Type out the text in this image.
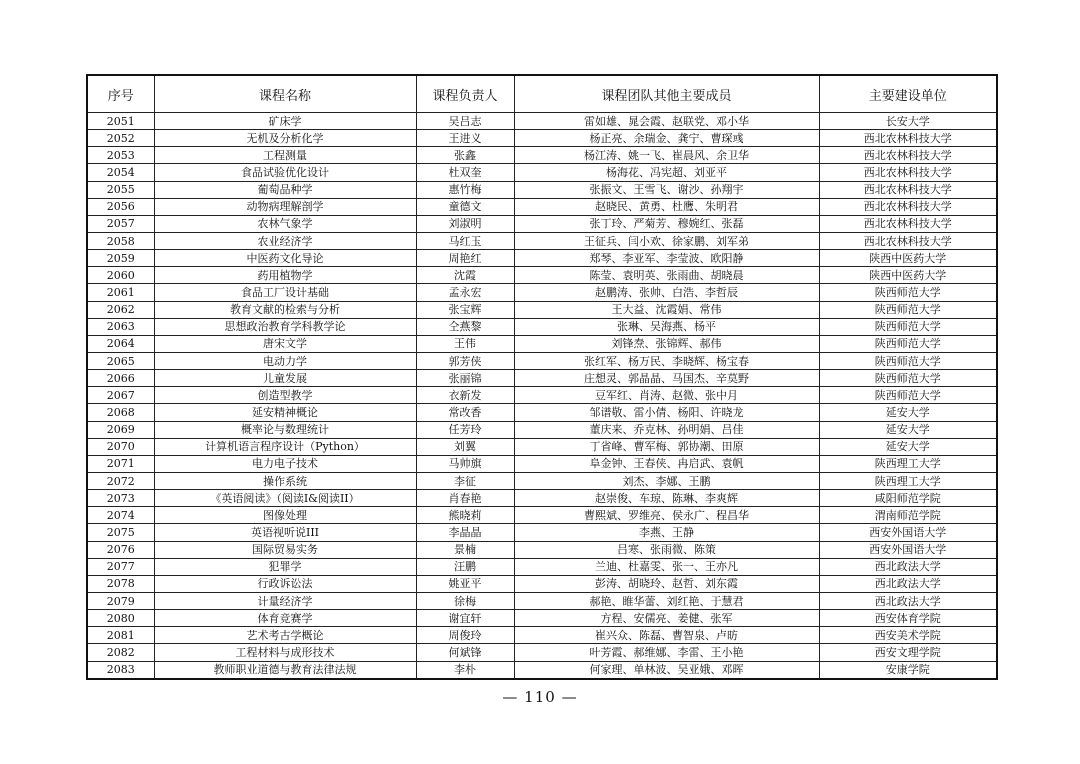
序号	课程名称	课程负责人	课程团队其他主要成员	主要建设单位
2051	矿床学	吴吕志	雷如雄、晁会霞、赵联党、邓小华	长安大学
2052	无机及分析化学	王进义	杨正亮、余瑞金、龚宁、曹琛彧	西北农林科技大学
2053	工程测量	张鑫	杨江涛、姚一飞、崔晨风、余卫华	西北农林科技大学
2054	食品试验优化设计	杜双奎	杨海花、冯宪超、刘亚平	西北农林科技大学
2055	葡萄品种学	惠竹梅	张振文、王雪飞、谢沙、孙翔宇	西北农林科技大学
2056	动物病理解剖学	童德文	赵晓民、黄勇、杜鹰、朱明君	西北农林科技大学
2057	农林气象学	刘淑明	张丁玲、严菊芳、穆婉红、张磊	西北农林科技大学
2058	农业经济学	马红玉	王征兵、闫小欢、徐家鹏、刘军弟	西北农林科技大学
2059	中医药文化导论	周艳红	郑琴、李亚军、李莹波、欧阳静	陕西中医药大学
2060	药用植物学	沈霞	陈莹、袁明英、张雨曲、胡晓晨	陕西中医药大学
2061	食品工厂设计基础	孟永宏	赵鹏涛、张帅、白浩、李哲辰	陕西师范大学
2062	教育文献的检索与分析	张宝辉	王大益、沈霞娟、常伟	陕西师范大学
2063	思想政治教育学科教学论	仝燕黎	张琳、吴海燕、杨平	陕西师范大学
2064	唐宋文学	王伟	刘锋焘、张锦辉、郝伟	陕西师范大学
2065	电动力学	郭芳侠	张红军、杨万民、李晓辉、杨宝春	陕西师范大学
2066	儿童发展	张丽锦	庄想灵、郭晶晶、马国杰、辛莫野	陕西师范大学
2067	创造型教学	衣新发	豆军红、肖涛、赵微、张中月	陕西师范大学
2068	延安精神概论	常改香	邹谱敬、雷小倩、杨阳、许晓龙	延安大学
2069	概率论与数理统计	任芳玲	董庆来、乔克林、孙明娟、吕佳	延安大学
2070	计算机语言程序设计（Python）	刘翼	丁省峰、曹军梅、郭协潮、田原	延安大学
2071	电力电子技术	马帅旗	阜金钟、王春侠、冉启武、袁帆	陕西理工大学
2072	操作系统	李征	刘杰、李娜、王鹏	陕西理工大学
2073	《英语阅读》（阅读I&阅读II）	肖春艳	赵崇俊、车琼、陈琳、李爽辉	咸阳师范学院
2074	图像处理	熊晓莉	曹熙斌、罗维亮、侯永广、程昌华	渭南师范学院
2075	英语视听说III	李晶晶	李燕、王静	西安外国语大学
2076	国际贸易实务	景楠	吕寒、张雨微、陈策	西安外国语大学
2077	犯罪学	汪鹏	兰迪、杜嘉雯、张一、王亦凡	西北政法大学
2078	行政诉讼法	姚亚平	彭涛、胡晓玲、赵哲、刘东霞	西北政法大学
2079	计量经济学	徐梅	郝艳、睢华蕾、刘红艳、于慧君	西北政法大学
2080	体育竞赛学	谢宜轩	方程、安儒亮、姜健、张军	西安体育学院
2081	艺术考古学概论	周俊玲	崔兴众、陈磊、曹智泉、卢昉	西安美术学院
2082	工程材料与成形技术	何斌锋	叶芳霞、郝维娜、李雷、王小艳	西安文理学院
2083	教师职业道德与教育法律法规	李朴	何家理、单林波、吴亚娥、邓晖	安康学院
— 110 —
